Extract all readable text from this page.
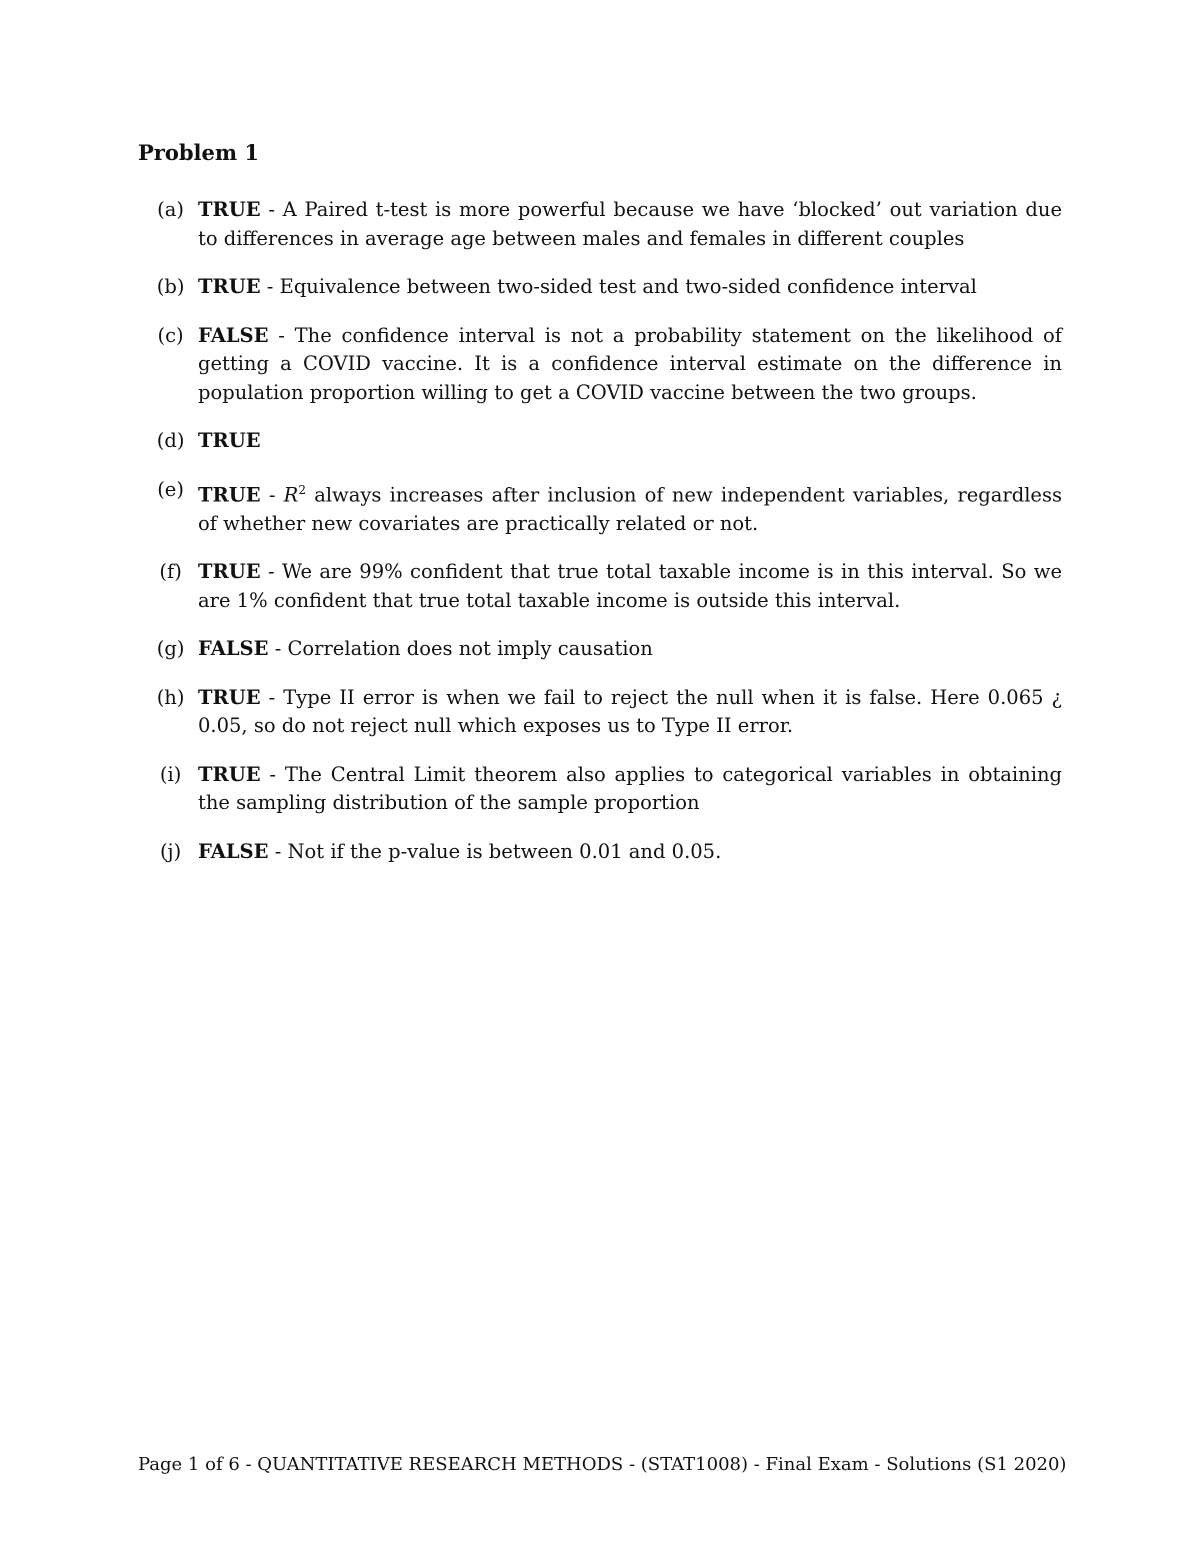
Problem 1
(a) TRUE - A Paired t-test is more powerful because we have ‘blocked’ out variation due to differences in average age between males and females in different couples
(b) TRUE - Equivalence between two-sided test and two-sided confidence interval
(c) FALSE - The confidence interval is not a probability statement on the likelihood of getting a COVID vaccine. It is a confidence interval estimate on the difference in population proportion willing to get a COVID vaccine between the two groups.
(d) TRUE
(e) TRUE - $R^2$ always increases after inclusion of new independent variables, regardless of whether new covariates are practically related or not.
(f) TRUE - We are 99% confident that true total taxable income is in this interval. So we are 1% confident that true total taxable income is outside this interval.
(g) FALSE - Correlation does not imply causation
(h) TRUE - Type II error is when we fail to reject the null when it is false. Here 0.065 ¿ 0.05, so do not reject null which exposes us to Type II error.
(i) TRUE - The Central Limit theorem also applies to categorical variables in obtaining the sampling distribution of the sample proportion
(j) FALSE - Not if the p-value is between 0.01 and 0.05.
Page 1 of 6 - QUANTITATIVE RESEARCH METHODS - (STAT1008) - Final Exam - Solutions (S1 2020)
